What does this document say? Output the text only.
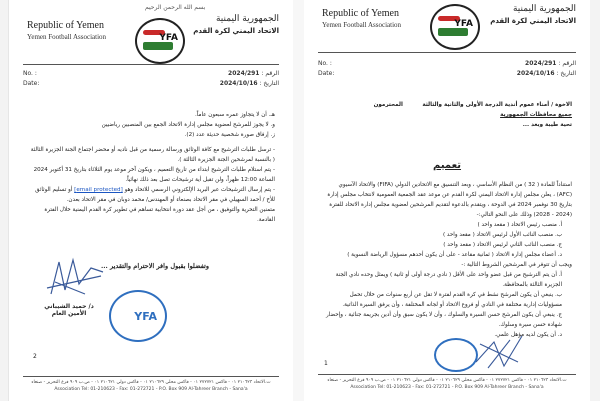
بسم الله الرحمن الرحيم
Republic of Yemen
Yemen Football Association	YFA
الجمهورية اليمنية
الاتحاد اليمني لكرة القدم
No. :	الرقم : 2024/291
Date:	التاريخ : 2024/10/16

هـ. أن لا يتجاوز عمره سبعون عاماً.

و. لا يجوز للمرشح لعضوية مجلس إدارة الاتحاد الجمع بين المنصبين رياضيين

ز. إرفاق صورة شخصية حديثة عدد (2).

- ترسل طلبات الترشيح مع كافة الوثائق ورسالة رسمية من قبل ناديه أو محضر اجتماع الجنة الجزيرة الثالثة ( بالنسبة لمرشحين الجنة الجزيرة الثالثة ).

- يتم استلام طلبات الترشيح ابتداء من تاريخ التعميم ، ويكون آخر موعد يوم الثلاثاء بتاريخ 31 أكتوبر 2024 الساعة 12:00 ظهراً، ولن تقبل أية ترشيحات تصل بعد ذلك نهائياً.

- يتم إرسال الترشيحات عبر البريد الإلكتروني الرسمي للاتحاد وهو [email protected] أو تسليم الوثائق للأخ / أحمد السهيلي في مقر الاتحاد بصنعاء أو المهندس/ محمد دوبان في مقر الاتحاد بعدن.

متمنين التحرية والتوفيق ، من أجل عقد دورة انتخابية تساهم في تطوير كرة القدم اليمنية خلال الفترة القادمة.

وتفضلوا بقبول وافر الاحترام والتقدير ...
د/ حميد الشيباني
الأمين العام	YFA
2
ت.الاتحاد ٢١٠٦٢٣ ٠١ - فاكس ٢٧٢٧٢١ ٠١ - فاكس محلي ٢١٠٦٢٩ ٠١ - فاكس دولي ٢١٠٦٢١ ٠١ - ص.ب ٩٠٩ فرع التحرير - صنعاء
Association Tel: 01-210623 - Fax: 01-272721 - P.O. Box 909 Al-Tahreer Branch - Sana'a
Republic of Yemen
Yemen Football Association	YFA
الجمهورية اليمنية
الاتحاد اليمني لكرة القدم
No. :	الرقم : 2024/291
Date:	التاريخ : 2024/10/16

الاخوة / أمناء عموم أندية الدرجة الأولى والثانية والثالثة          المحترمون

جميع محافظات الجمهورية

تحية طيبة وبعد ...

تعميم

استناداً للمادة ( 32 ) من النظام الأساسي ، وبعد التنسيق مع الاتحادين الدولي (FIFA) والاتحاد الآسيوي (AFC) ، يعلن مجلس إدارة الاتحاد اليمني لكرة القدم عن موعد عقد الجمعية العمومية لانتخاب مجلس إدارة بتاريخ 30 نوفمبر 2024 في الدوحة ، ويتقدم بالدعوة لتقديم المرشحين لعضوية مجلس إدارة الاتحاد للفترة (2024 - 2028) وذلك على النحو التالي:-

أ. منصب رئيس الاتحاد ( مقعد واحد )

ب. منصب النائب الأول لرئيس الاتحاد ( مقعد واحد )

ج. منصب النائب الثاني لرئيس الاتحاد ( مقعد واحد )

د. أعضاء مجلس إدارة الاتحاد ( ثمانية مقاعد - على أن يكون أحدهم مسؤول الرياضة النسوية )

ويجب أن تتوفر في المرشحين الشروط التالية :-

أ. أن يتم الترشيح من قبل عضو واحد على الأقل ( نادي درجة أولى أو ثانية ) ويمثل وحده نادي الجنة الجزيرة الثالثة بالمحافظة.

ب. ينبغي أن يكون المرشح نشط في كرة القدم لفترة لا تقل عن أربع سنوات من خلال تحمل مسؤوليات إدارية مختلفة في النادي أو فروع الاتحاد أو لجانه المختلفة ، وأن يرفق السيرة الذاتية.

ج. ينبغي أن يكون المرشح حسن السيرة والسلوك ، وأن لا يكون سبق وأن أدين بجريمة جنائية ، وإحضار شهادة حسن سيرة وسلوك.

د. أن يكون لديه مؤهل علمي.

1
ت.الاتحاد ٢١٠٦٢٣ ٠١ - فاكس ٢٧٢٧٢١ ٠١ - فاكس محلي ٢١٠٦٢٩ ٠١ - فاكس دولي ٢١٠٦٢١ ٠١ - ص.ب ٩٠٩ فرع التحرير - صنعاء
Association Tel: 01-210623 - Fax: 01-272721 - P.O. Box 909 Al-Tahreer Branch - Sana'a
